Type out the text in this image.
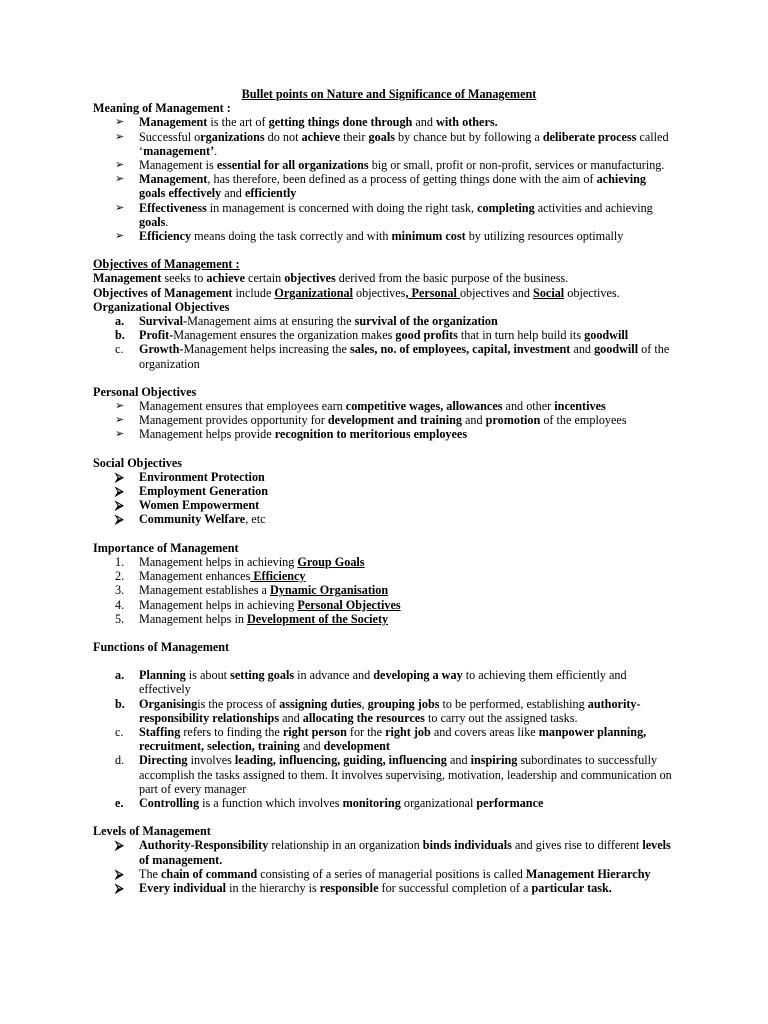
Bullet points on Nature and Significance of Management
Meaning of Management :
➢ Management is the art of getting things done through and with others.
➢ Successful organizations do not achieve their goals by chance but by following a deliberate process called ‘management’.
➢ Management is essential for all organizations big or small, profit or non-profit, services or manufacturing.
➢ Management, has therefore, been defined as a process of getting things done with the aim of achieving goals effectively and efficiently
➢ Effectiveness in management is concerned with doing the right task, completing activities and achieving goals.
➢ Efficiency means doing the task correctly and with minimum cost by utilizing resources optimally
Objectives of Management :
Management seeks to achieve certain objectives derived from the basic purpose of the business.
Objectives of Management include Organizational objectives, Personal objectives and Social objectives.
Organizational Objectives
a. Survival-Management aims at ensuring the survival of the organization
b. Profit-Management ensures the organization makes good profits that in turn help build its goodwill
c. Growth-Management helps increasing the sales, no. of employees, capital, investment and goodwill of the organization
Personal Objectives
➢ Management ensures that employees earn competitive wages, allowances and other incentives
➢ Management provides opportunity for development and training and promotion of the employees
➢ Management helps provide recognition to meritorious employees
Social Objectives
⮚ Environment Protection
⮚ Employment Generation
⮚ Women Empowerment
⮚ Community Welfare, etc
Importance of Management
1. Management helps in achieving Group Goals
2. Management enhances Efficiency
3. Management establishes a Dynamic Organisation
4. Management helps in achieving Personal Objectives
5. Management helps in Development of the Society
Functions of Management
a. Planning is about setting goals in advance and developing a way to achieving them efficiently and effectively
b. Organisingis the process of assigning duties, grouping jobs to be performed, establishing authority-responsibility relationships and allocating the resources to carry out the assigned tasks.
c. Staffing refers to finding the right person for the right job and covers areas like manpower planning, recruitment, selection, training and development
d. Directing involves leading, influencing, guiding, influencing and inspiring subordinates to successfully accomplish the tasks assigned to them. It involves supervising, motivation, leadership and communication on part of every manager
e. Controlling is a function which involves monitoring organizational performance
Levels of Management
⮚ Authority-Responsibility relationship in an organization binds individuals and gives rise to different levels of management.
⮚ The chain of command consisting of a series of managerial positions is called Management Hierarchy
⮚ Every individual in the hierarchy is responsible for successful completion of a particular task.
